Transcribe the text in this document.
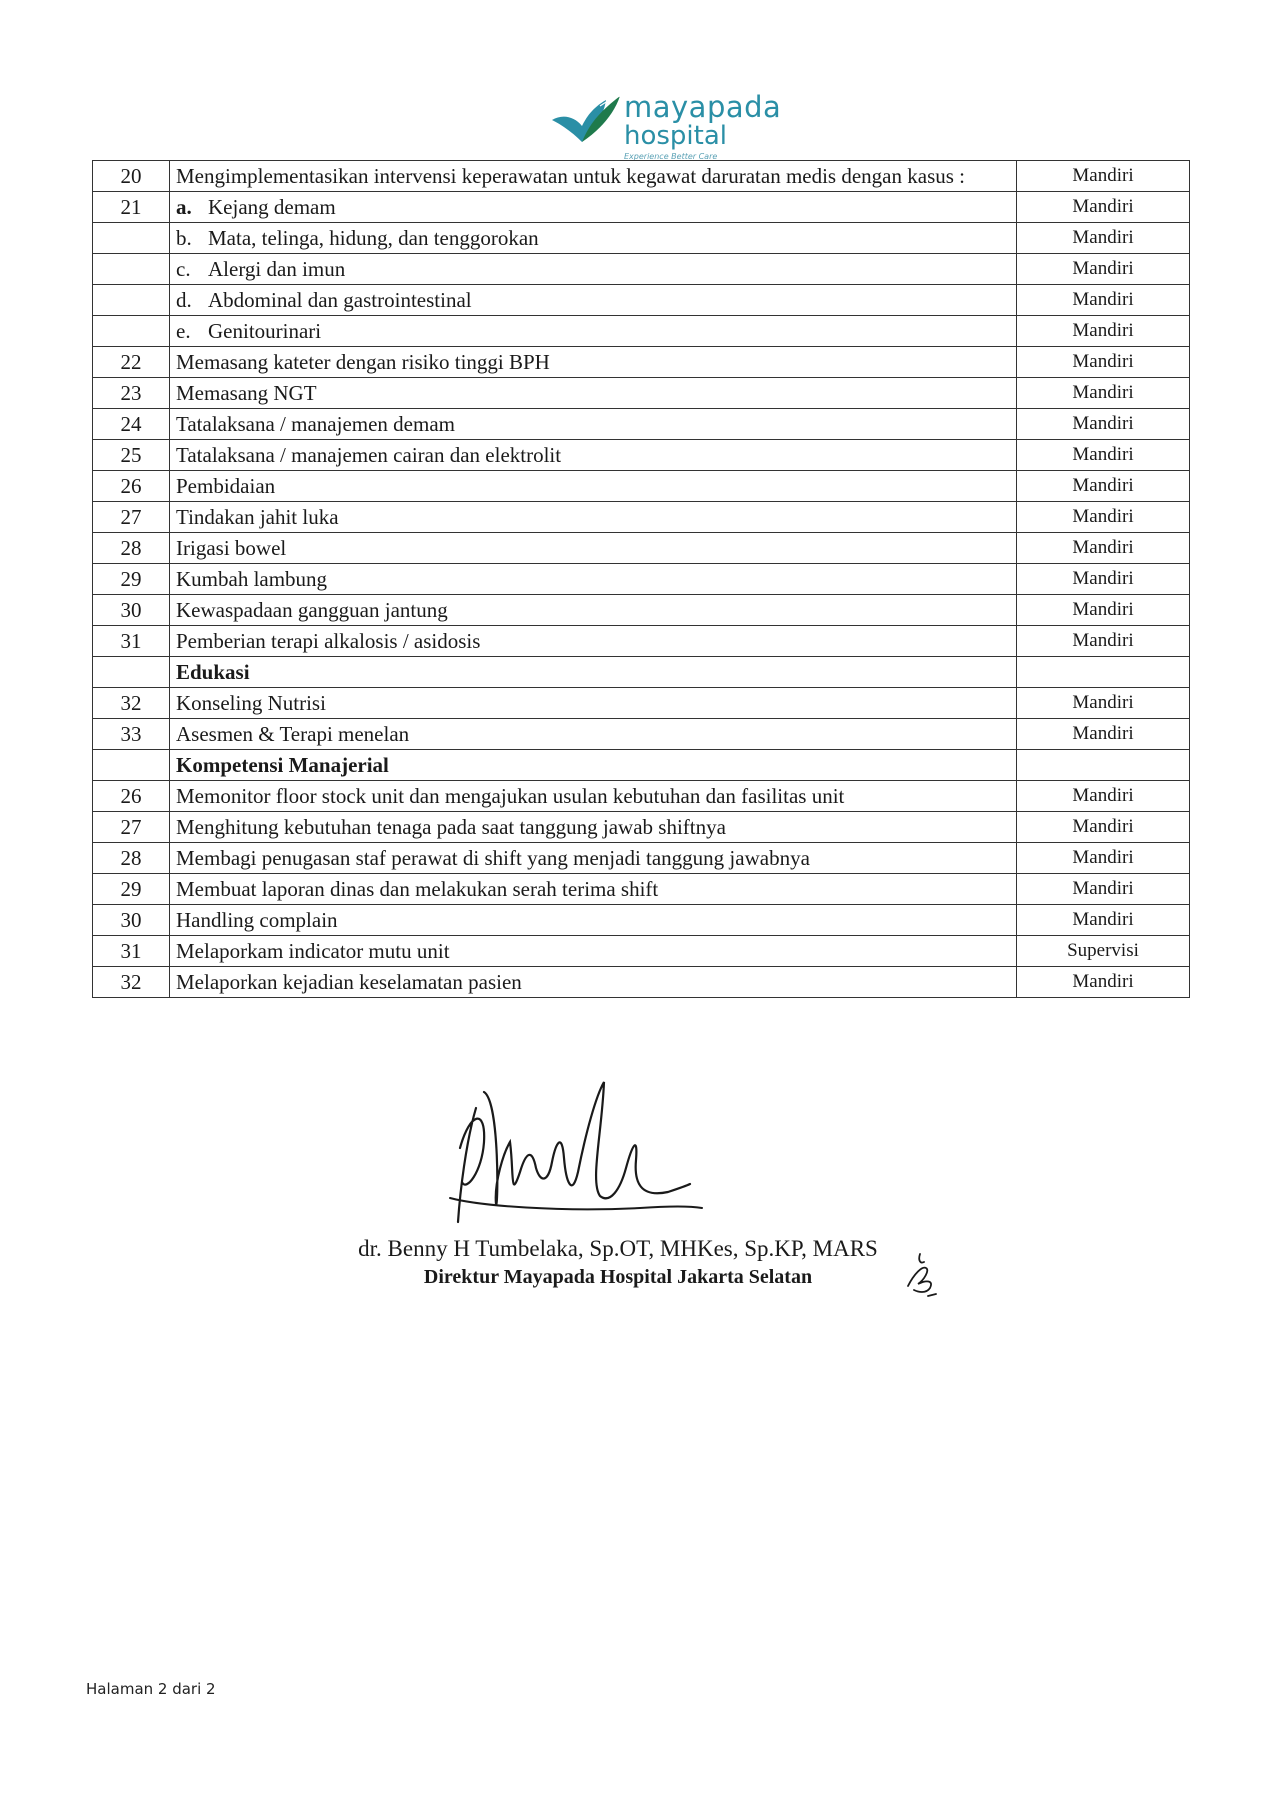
mayapada
hospital
Experience Better Care
20	Mengimplementasikan intervensi keperawatan untuk kegawat daruratan medis dengan kasus :	Mandiri
21	a. Kejang demam	Mandiri
	b. Mata, telinga, hidung, dan tenggorokan	Mandiri
	c. Alergi dan imun	Mandiri
	d. Abdominal dan gastrointestinal	Mandiri
	e. Genitourinari	Mandiri
22	Memasang kateter dengan risiko tinggi BPH	Mandiri
23	Memasang NGT	Mandiri
24	Tatalaksana / manajemen demam	Mandiri
25	Tatalaksana / manajemen cairan dan elektrolit	Mandiri
26	Pembidaian	Mandiri
27	Tindakan jahit luka	Mandiri
28	Irigasi bowel	Mandiri
29	Kumbah lambung	Mandiri
30	Kewaspadaan gangguan jantung	Mandiri
31	Pemberian terapi alkalosis / asidosis	Mandiri
	Edukasi	
32	Konseling Nutrisi	Mandiri
33	Asesmen & Terapi menelan	Mandiri
	Kompetensi Manajerial	
26	Memonitor floor stock unit dan mengajukan usulan kebutuhan dan fasilitas unit	Mandiri
27	Menghitung kebutuhan tenaga pada saat tanggung jawab shiftnya	Mandiri
28	Membagi penugasan staf perawat di shift yang menjadi tanggung jawabnya	Mandiri
29	Membuat laporan dinas dan melakukan serah terima shift	Mandiri
30	Handling complain	Mandiri
31	Melaporkam indicator mutu unit	Supervisi
32	Melaporkan kejadian keselamatan pasien	Mandiri
dr. Benny H Tumbelaka, Sp.OT, MHKes, Sp.KP, MARS
Direktur Mayapada Hospital Jakarta Selatan
Halaman 2 dari 2
